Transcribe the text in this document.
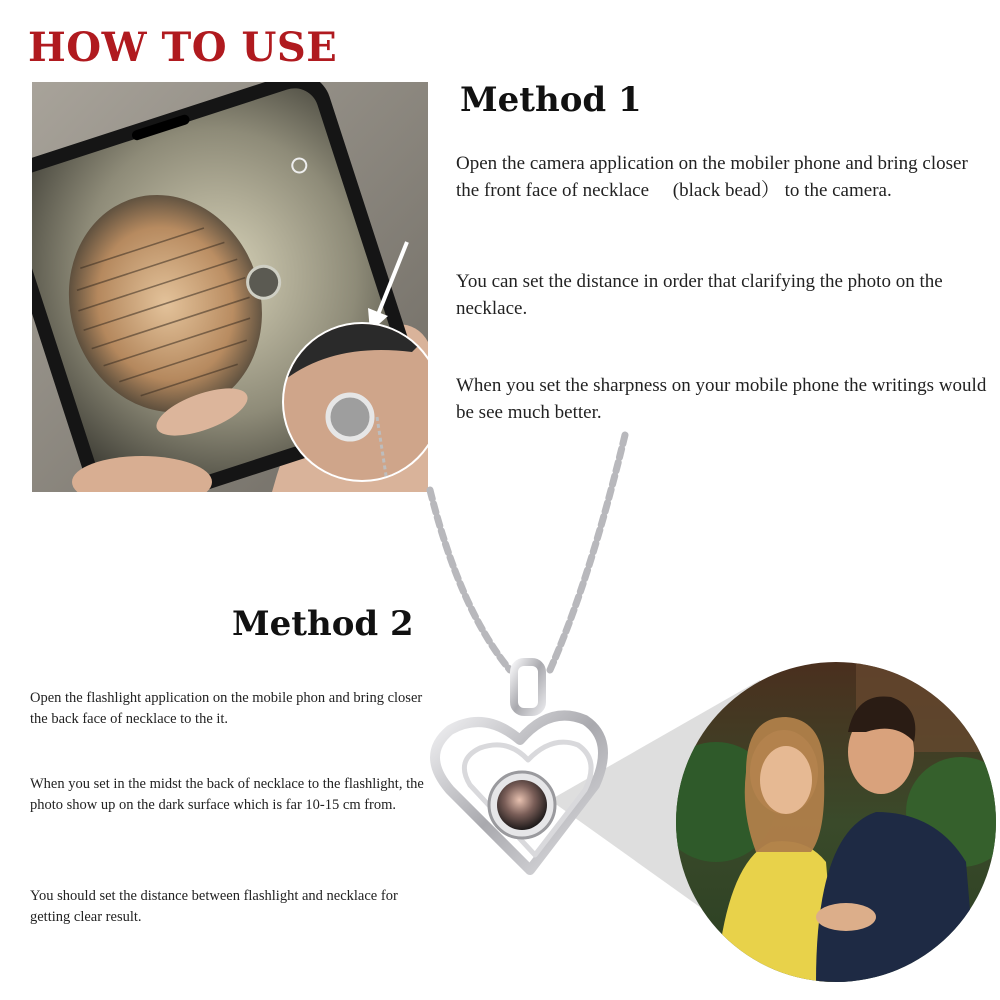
HOW TO USE
Method 1

Open the camera application on the mobiler phone and bring closer the front face of necklace 　(black bead） to the camera.

You can set the distance in order that clarifying the photo on the necklace.

When you set the sharpness on your mobile phone the writings would be see much better.

Method 2

Open the flashlight application on the mobile phon and bring closer the back face of necklace to the it.

When you set in the midst the back of necklace to the flashlight, the photo show up on the dark surface which is far 10-15 cm from.

You should set the distance between flashlight and necklace for getting clear result.
